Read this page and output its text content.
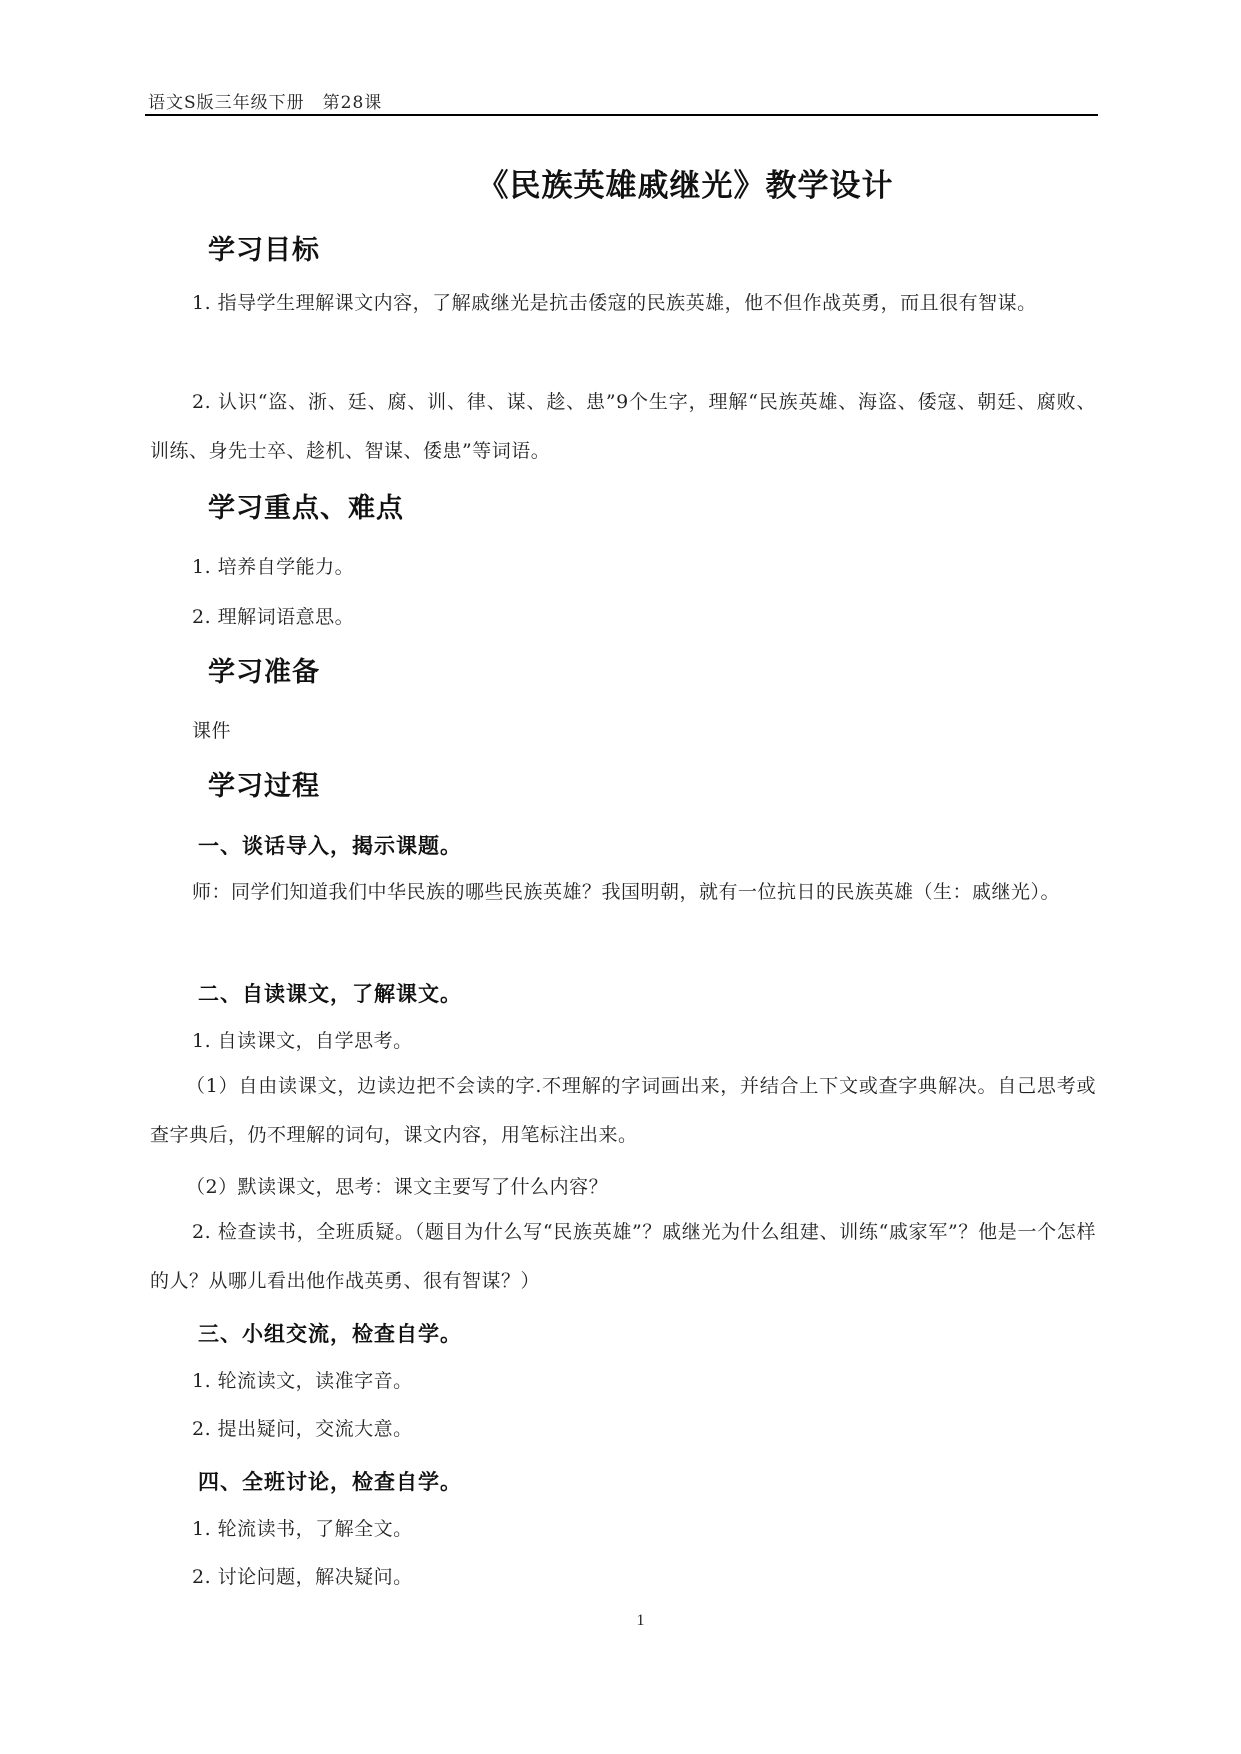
语文S版三年级下册　第28课
《民族英雄戚继光》教学设计
学习目标
1. 指导学生理解课文内容，了解戚继光是抗击倭寇的民族英雄，他不但作战英勇，而且很有智谋。
2. 认识“盗、浙、廷、腐、训、律、谋、趁、患”9个生字，理解“民族英雄、海盗、倭寇、朝廷、腐败、训练、身先士卒、趁机、智谋、倭患”等词语。
学习重点、难点
1. 培养自学能力。
2. 理解词语意思。
学习准备
课件
学习过程
一、谈话导入，揭示课题。
师：同学们知道我们中华民族的哪些民族英雄？我国明朝，就有一位抗日的民族英雄（生：戚继光）。
二、自读课文，了解课文。
1. 自读课文，自学思考。
（1）自由读课文，边读边把不会读的字.不理解的字词画出来，并结合上下文或查字典解决。自己思考或查字典后，仍不理解的词句，课文内容，用笔标注出来。
（2）默读课文，思考：课文主要写了什么内容？
2. 检查读书，全班质疑。（题目为什么写“民族英雄”？戚继光为什么组建、训练“戚家军”？他是一个怎样的人？从哪儿看出他作战英勇、很有智谋？）
三、小组交流，检查自学。
1. 轮流读文，读准字音。
2. 提出疑问，交流大意。
四、全班讨论，检查自学。
1. 轮流读书，了解全文。
2. 讨论问题，解决疑问。
1
